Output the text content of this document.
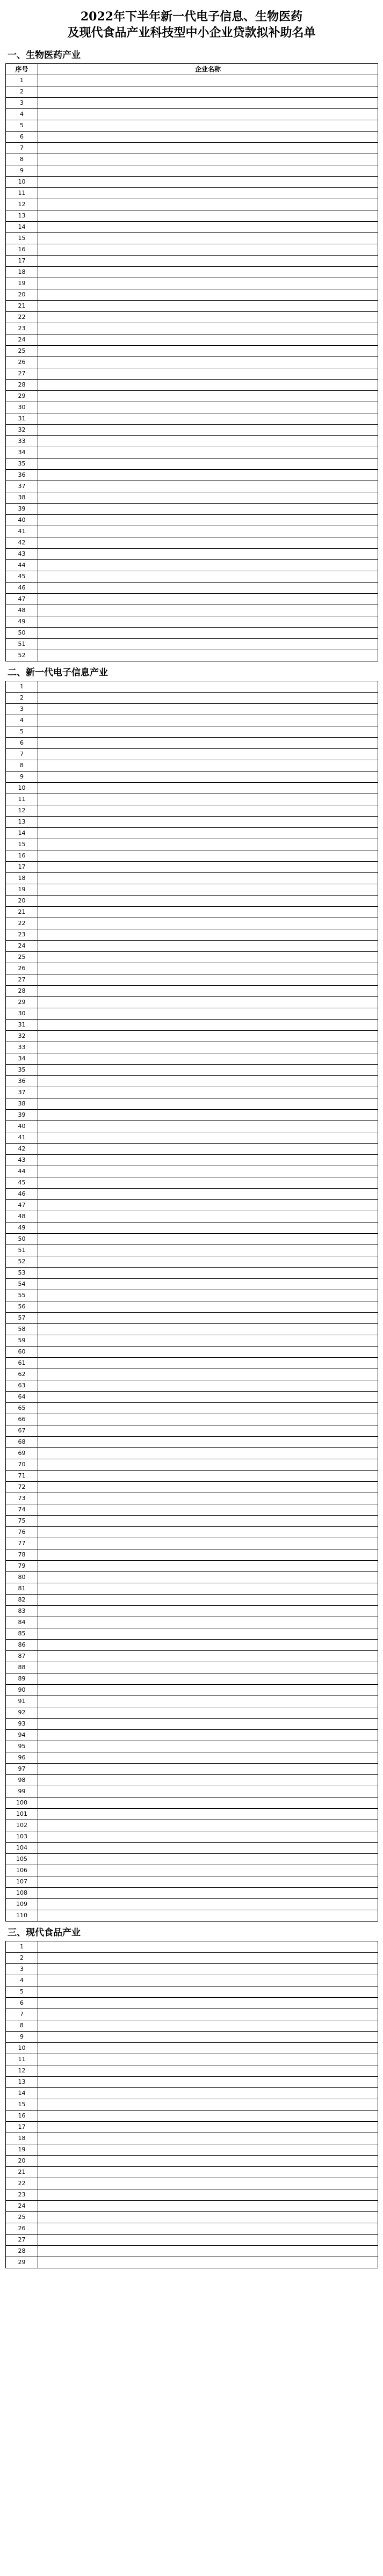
2022年下半年新一代电子信息、生物医药
及现代食品产业科技型中小企业贷款拟补助名单
一、生物医药产业
序号	企业名称
1	
2	
3	
4	
5	
6	
7	
8	
9	
10	
11	
12	
13	
14	
15	
16	
17	
18	
19	
20	
21	
22	
23	
24	
25	
26	
27	
28	
29	
30	
31	
32	
33	
34	
35	
36	
37	
38	
39	
40	
41	
42	
43	
44	
45	
46	
47	
48	
49	
50	
51	
52	
二、新一代电子信息产业
1	
2	
3	
4	
5	
6	
7	
8	
9	
10	
11	
12	
13	
14	
15	
16	
17	
18	
19	
20	
21	
22	
23	
24	
25	
26	
27	
28	
29	
30	
31	
32	
33	
34	
35	
36	
37	
38	
39	
40	
41	
42	
43	
44	
45	
46	
47	
48	
49	
50	
51	
52	
53	
54	
55	
56	
57	
58	
59	
60	
61	
62	
63	
64	
65	
66	
67	
68	
69	
70	
71	
72	
73	
74	
75	
76	
77	
78	
79	
80	
81	
82	
83	
84	
85	
86	
87	
88	
89	
90	
91	
92	
93	
94	
95	
96	
97	
98	
99	
100	
101	
102	
103	
104	
105	
106	
107	
108	
109	
110	
三、现代食品产业
1	
2	
3	
4	
5	
6	
7	
8	
9	
10	
11	
12	
13	
14	
15	
16	
17	
18	
19	
20	
21	
22	
23	
24	
25	
26	
27	
28	
29	
